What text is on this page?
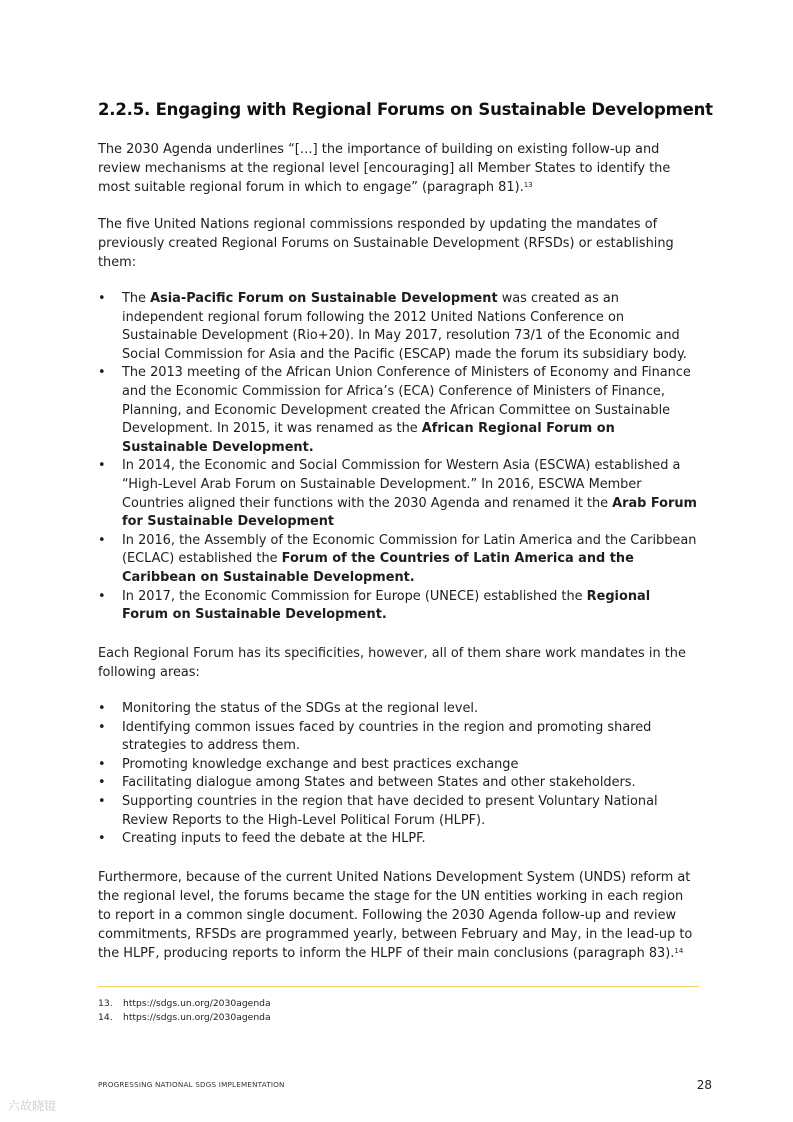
2.2.5. Engaging with Regional Forums on Sustainable Development

The 2030 Agenda underlines “[…] the importance of building on existing follow-up and review mechanisms at the regional level [encouraging] all Member States to identify the most suitable regional forum in which to engage” (paragraph 81).$^{13}$

The five United Nations regional commissions responded by updating the mandates of previously created Regional Forums on Sustainable Development (RFSDs) or establishing them:

• The Asia-Pacific Forum on Sustainable Development was created as an independent regional forum following the 2012 United Nations Conference on Sustainable Development (Rio+20). In May 2017, resolution 73/1 of the Economic and Social Commission for Asia and the Pacific (ESCAP) made the forum its subsidiary body.
• The 2013 meeting of the African Union Conference of Ministers of Economy and Finance and the Economic Commission for Africa’s (ECA) Conference of Ministers of Finance, Planning, and Economic Development created the African Committee on Sustainable Development. In 2015, it was renamed as the African Regional Forum on Sustainable Development.
• In 2014, the Economic and Social Commission for Western Asia (ESCWA) established a “High-Level Arab Forum on Sustainable Development.” In 2016, ESCWA Member Countries aligned their functions with the 2030 Agenda and renamed it the Arab Forum for Sustainable Development
• In 2016, the Assembly of the Economic Commission for Latin America and the Caribbean (ECLAC) established the Forum of the Countries of Latin America and the Caribbean on Sustainable Development.
• In 2017, the Economic Commission for Europe (UNECE) established the Regional Forum on Sustainable Development.

Each Regional Forum has its specificities, however, all of them share work mandates in the following areas:

• Monitoring the status of the SDGs at the regional level.
• Identifying common issues faced by countries in the region and promoting shared strategies to address them.
• Promoting knowledge exchange and best practices exchange
• Facilitating dialogue among States and between States and other stakeholders.
• Supporting countries in the region that have decided to present Voluntary National Review Reports to the High-Level Political Forum (HLPF).
• Creating inputs to feed the debate at the HLPF.

Furthermore, because of the current United Nations Development System (UNDS) reform at the regional level, the forums became the stage for the UN entities working in each region to report in a common single document. Following the 2030 Agenda follow-up and review commitments, RFSDs are programmed yearly, between February and May, in the lead-up to the HLPF, producing reports to inform the HLPF of their main conclusions (paragraph 83).$^{14}$

13. https://sdgs.un.org/2030agenda
14. https://sdgs.un.org/2030agenda
PROGRESSING NATIONAL SDGS IMPLEMENTATION	28
六故晓镜
